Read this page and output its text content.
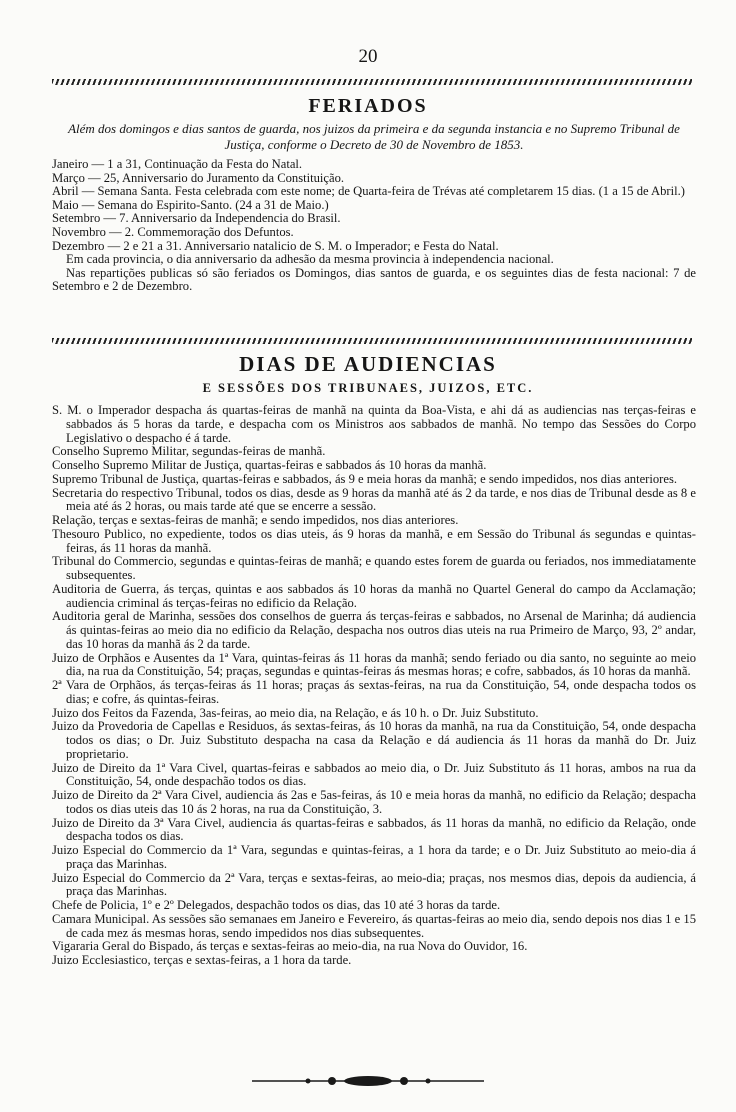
20
FERIADOS
Além dos domingos e dias santos de guarda, nos juizos da primeira e da segunda instancia e no Supremo Tribunal de Justiça, conforme o Decreto de 30 de Novembro de 1853.
Janeiro — 1 a 31, Continuação da Festa do Natal.
Março — 25, Anniversario do Juramento da Constituição.
Abril — Semana Santa. Festa celebrada com este nome; de Quarta-feira de Trévas até completarem 15 dias. (1 a 15 de Abril.)
Maio — Semana do Espirito-Santo. (24 a 31 de Maio.)
Setembro — 7. Anniversario da Independencia do Brasil.
Novembro — 2. Commemoração dos Defuntos.
Dezembro — 2 e 21 a 31. Anniversario natalicio de S. M. o Imperador; e Festa do Natal.
Em cada provincia, o dia anniversario da adhesão da mesma provincia à independencia nacional.
Nas repartições publicas só são feriados os Domingos, dias santos de guarda, e os seguintes dias de festa nacional: 7 de Setembro e 2 de Dezembro.
DIAS DE AUDIENCIAS
E SESSÕES DOS TRIBUNAES, JUIZOS, ETC.
S. M. o Imperador despacha ás quartas-feiras de manhã na quinta da Boa-Vista, e ahi dá as audiencias nas terças-feiras e sabbados ás 5 horas da tarde, e despacha com os Ministros aos sabbados de manhã. No tempo das Sessões do Corpo Legislativo o despacho é á tarde.
Conselho Supremo Militar, segundas-feiras de manhã.
Conselho Supremo Militar de Justiça, quartas-feiras e sabbados ás 10 horas da manhã.
Supremo Tribunal de Justiça, quartas-feiras e sabbados, ás 9 e meia horas da manhã; e sendo impedidos, nos dias anteriores.
Secretaria do respectivo Tribunal, todos os dias, desde as 9 horas da manhã até ás 2 da tarde, e nos dias de Tribunal desde as 8 e meia até ás 2 horas, ou mais tarde até que se encerre a sessão.
Relação, terças e sextas-feiras de manhã; e sendo impedidos, nos dias anteriores.
Thesouro Publico, no expediente, todos os dias uteis, ás 9 horas da manhã, e em Sessão do Tribunal ás segundas e quintas-feiras, ás 11 horas da manhã.
Tribunal do Commercio, segundas e quintas-feiras de manhã; e quando estes forem de guarda ou feriados, nos immediatamente subsequentes.
Auditoria de Guerra, ás terças, quintas e aos sabbados ás 10 horas da manhã no Quartel General do campo da Acclamação; audiencia criminal ás terças-feiras no edificio da Relação.
Auditoria geral de Marinha, sessões dos conselhos de guerra ás terças-feiras e sabbados, no Arsenal de Marinha; dá audiencia ás quintas-feiras ao meio dia no edificio da Relação, despacha nos outros dias uteis na rua Primeiro de Março, 93, 2º andar, das 10 horas da manhã ás 2 da tarde.
Juizo de Orphãos e Ausentes da 1ª Vara, quintas-feiras ás 11 horas da manhã; sendo feriado ou dia santo, no seguinte ao meio dia, na rua da Constituição, 54; praças, segundas e quintas-feiras ás mesmas horas; e cofre, sabbados, ás 10 horas da manhã.
2ª Vara de Orphãos, ás terças-feiras ás 11 horas; praças ás sextas-feiras, na rua da Constituição, 54, onde despacha todos os dias; e cofre, ás quintas-feiras.
Juizo dos Feitos da Fazenda, 3as-feiras, ao meio dia, na Relação, e ás 10 h. o Dr. Juiz Substituto.
Juizo da Provedoria de Capellas e Residuos, ás sextas-feiras, ás 10 horas da manhã, na rua da Constituição, 54, onde despacha todos os dias; o Dr. Juiz Substituto despacha na casa da Relação e dá audiencia ás 11 horas da manhã do Dr. Juiz proprietario.
Juizo de Direito da 1ª Vara Civel, quartas-feiras e sabbados ao meio dia, o Dr. Juiz Substituto ás 11 horas, ambos na rua da Constituição, 54, onde despachão todos os dias.
Juizo de Direito da 2ª Vara Civel, audiencia ás 2as e 5as-feiras, ás 10 e meia horas da manhã, no edificio da Relação; despacha todos os dias uteis das 10 ás 2 horas, na rua da Constituição, 3.
Juizo de Direito da 3ª Vara Civel, audiencia ás quartas-feiras e sabbados, ás 11 horas da manhã, no edificio da Relação, onde despacha todos os dias.
Juizo Especial do Commercio da 1ª Vara, segundas e quintas-feiras, a 1 hora da tarde; e o Dr. Juiz Substituto ao meio-dia á praça das Marinhas.
Juizo Especial do Commercio da 2ª Vara, terças e sextas-feiras, ao meio-dia; praças, nos mesmos dias, depois da audiencia, á praça das Marinhas.
Chefe de Policia, 1º e 2º Delegados, despachão todos os dias, das 10 até 3 horas da tarde.
Camara Municipal. As sessões são semanaes em Janeiro e Fevereiro, ás quartas-feiras ao meio dia, sendo depois nos dias 1 e 15 de cada mez ás mesmas horas, sendo impedidos nos dias subsequentes.
Vigararia Geral do Bispado, ás terças e sextas-feiras ao meio-dia, na rua Nova do Ouvidor, 16.
Juizo Ecclesiastico, terças e sextas-feiras, a 1 hora da tarde.
